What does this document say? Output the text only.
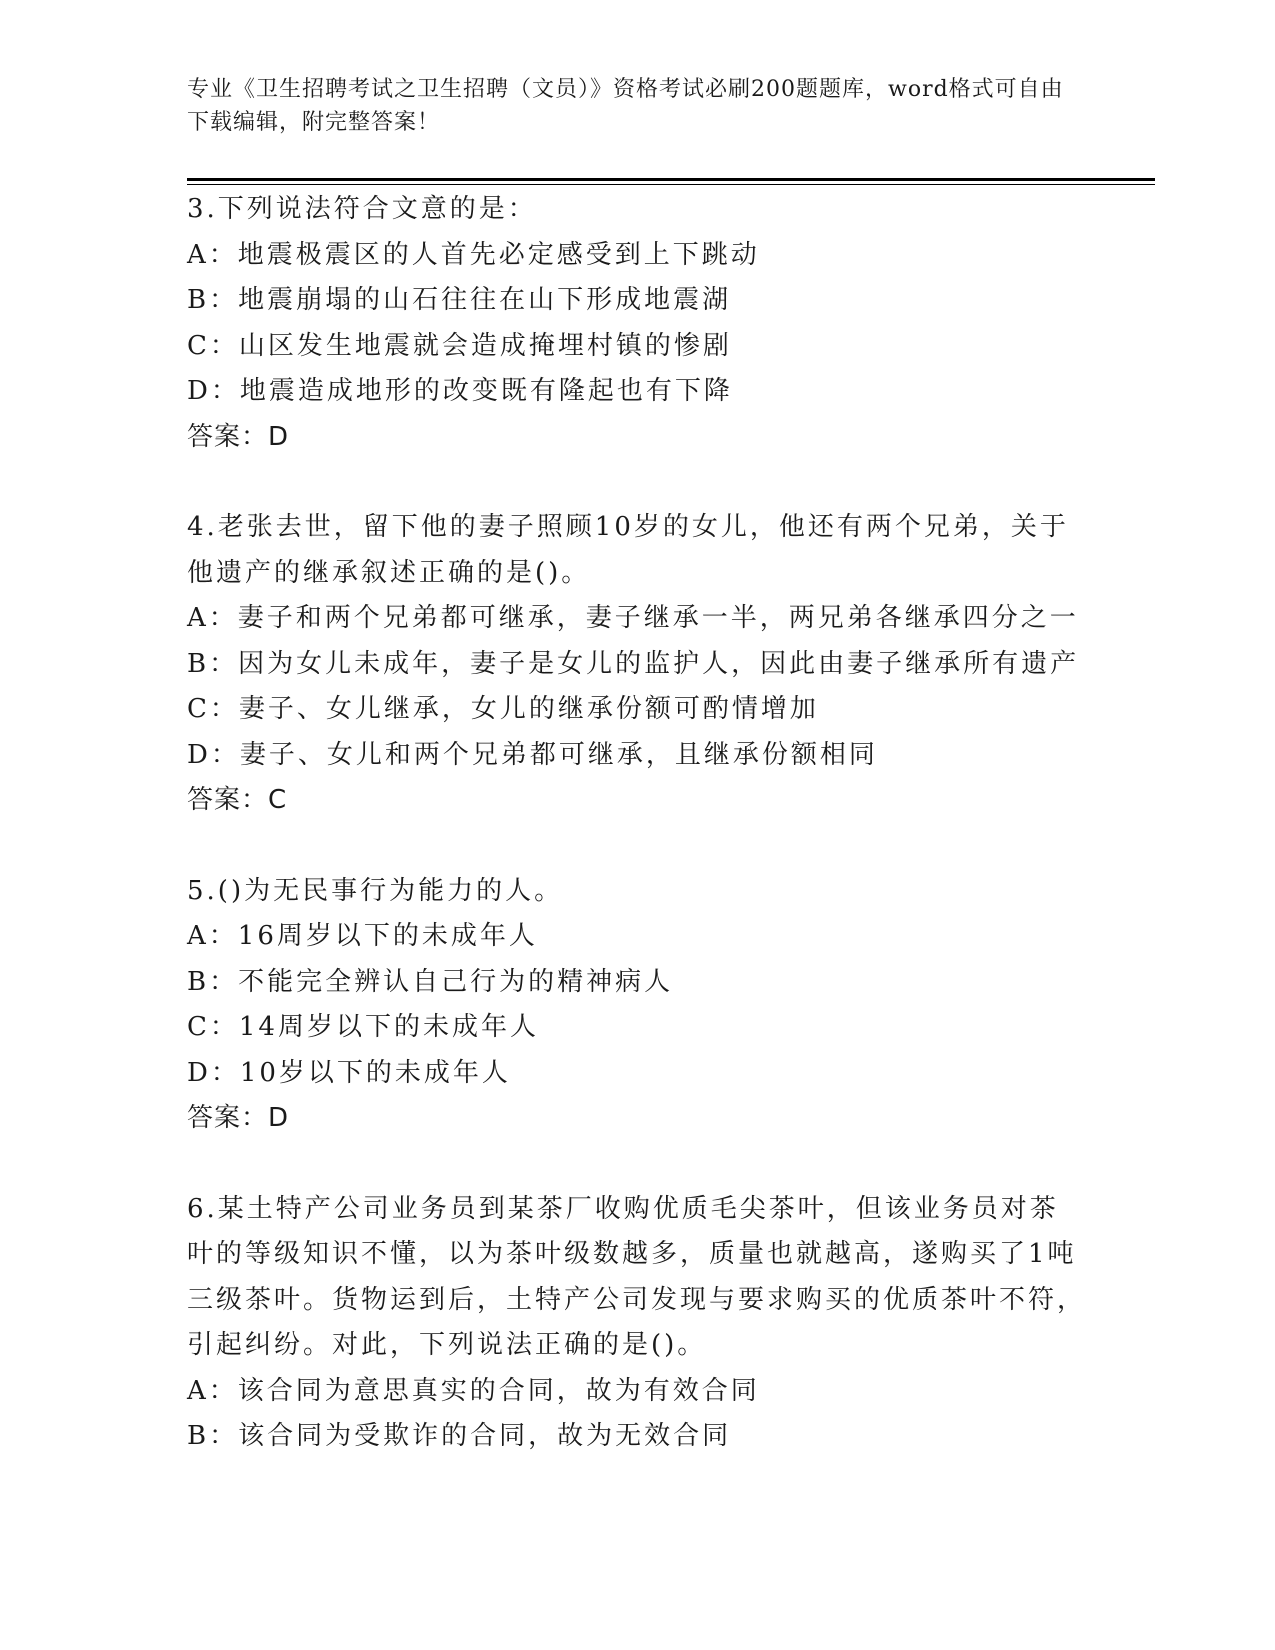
专业《卫生招聘考试之卫生招聘（文员）》资格考试必刷200题题库，word格式可自由下载编辑，附完整答案！

3.下列说法符合文意的是：

A：地震极震区的人首先必定感受到上下跳动

B：地震崩塌的山石往往在山下形成地震湖

C：山区发生地震就会造成掩埋村镇的惨剧

D：地震造成地形的改变既有隆起也有下降

答案：D

4.老张去世，留下他的妻子照顾10岁的女儿，他还有两个兄弟，关于他遗产的继承叙述正确的是()。

A：妻子和两个兄弟都可继承，妻子继承一半，两兄弟各继承四分之一

B：因为女儿未成年，妻子是女儿的监护人，因此由妻子继承所有遗产

C：妻子、女儿继承，女儿的继承份额可酌情增加

D：妻子、女儿和两个兄弟都可继承，且继承份额相同

答案：C

5.()为无民事行为能力的人。

A：16周岁以下的未成年人

B：不能完全辨认自己行为的精神病人

C：14周岁以下的未成年人

D：10岁以下的未成年人

答案：D

6.某土特产公司业务员到某茶厂收购优质毛尖茶叶，但该业务员对茶叶的等级知识不懂，以为茶叶级数越多，质量也就越高，遂购买了1吨三级茶叶。货物运到后，土特产公司发现与要求购买的优质茶叶不符，引起纠纷。对此，下列说法正确的是()。

A：该合同为意思真实的合同，故为有效合同

B：该合同为受欺诈的合同，故为无效合同
